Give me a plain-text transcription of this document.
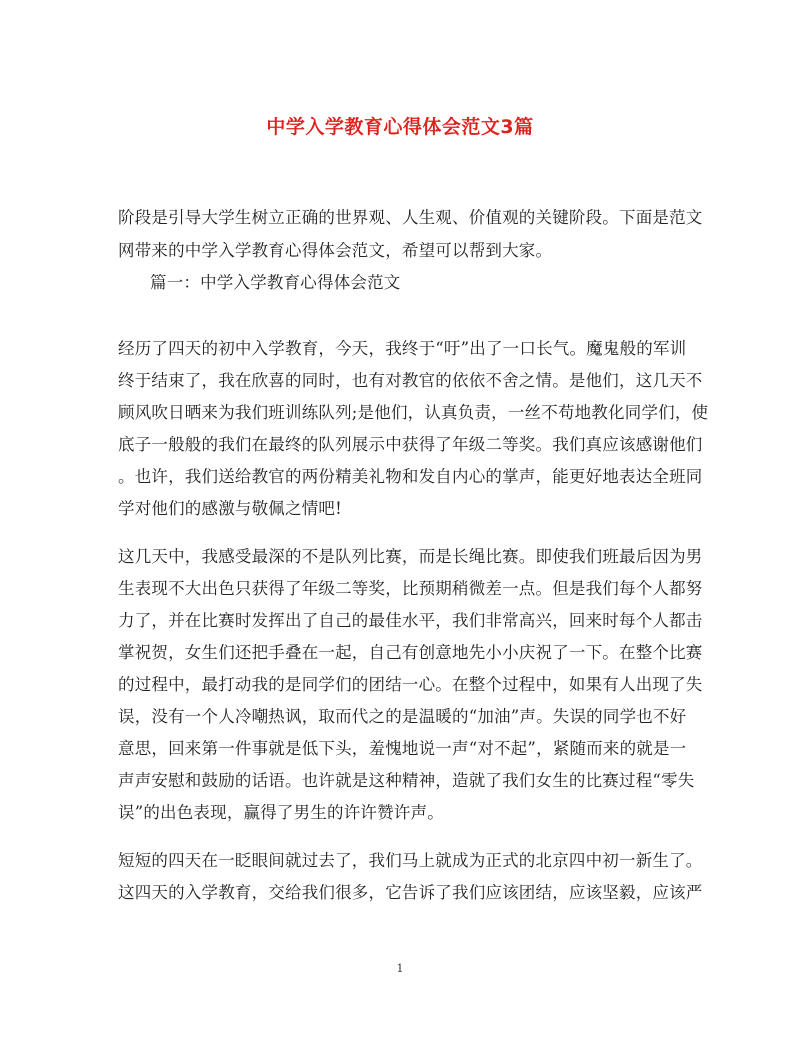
中学入学教育心得体会范文3篇
阶段是引导大学生树立正确的世界观、人生观、价值观的关键阶段。下面是范文
网带来的中学入学教育心得体会范文，希望可以帮到大家。
篇一：中学入学教育心得体会范文
经历了四天的初中入学教育，今天，我终于“吁”出了一口长气。魔鬼般的军训
终于结束了，我在欣喜的同时，也有对教官的依依不舍之情。是他们，这几天不
顾风吹日晒来为我们班训练队列;是他们，认真负责，一丝不苟地教化同学们，使
底子一般般的我们在最终的队列展示中获得了年级二等奖。我们真应该感谢他们
。也许，我们送给教官的两份精美礼物和发自内心的掌声，能更好地表达全班同
学对他们的感激与敬佩之情吧!
这几天中，我感受最深的不是队列比赛，而是长绳比赛。即使我们班最后因为男
生表现不大出色只获得了年级二等奖，比预期稍微差一点。但是我们每个人都努
力了，并在比赛时发挥出了自己的最佳水平，我们非常高兴，回来时每个人都击
掌祝贺，女生们还把手叠在一起，自己有创意地先小小庆祝了一下。在整个比赛
的过程中，最打动我的是同学们的团结一心。在整个过程中，如果有人出现了失
误，没有一个人冷嘲热讽，取而代之的是温暖的“加油”声。失误的同学也不好
意思，回来第一件事就是低下头，羞愧地说一声“对不起”，紧随而来的就是一
声声安慰和鼓励的话语。也许就是这种精神，造就了我们女生的比赛过程“零失
误”的出色表现，赢得了男生的许许赞许声。
短短的四天在一眨眼间就过去了，我们马上就成为正式的北京四中初一新生了。
这四天的入学教育，交给我们很多，它告诉了我们应该团结，应该坚毅，应该严
1
